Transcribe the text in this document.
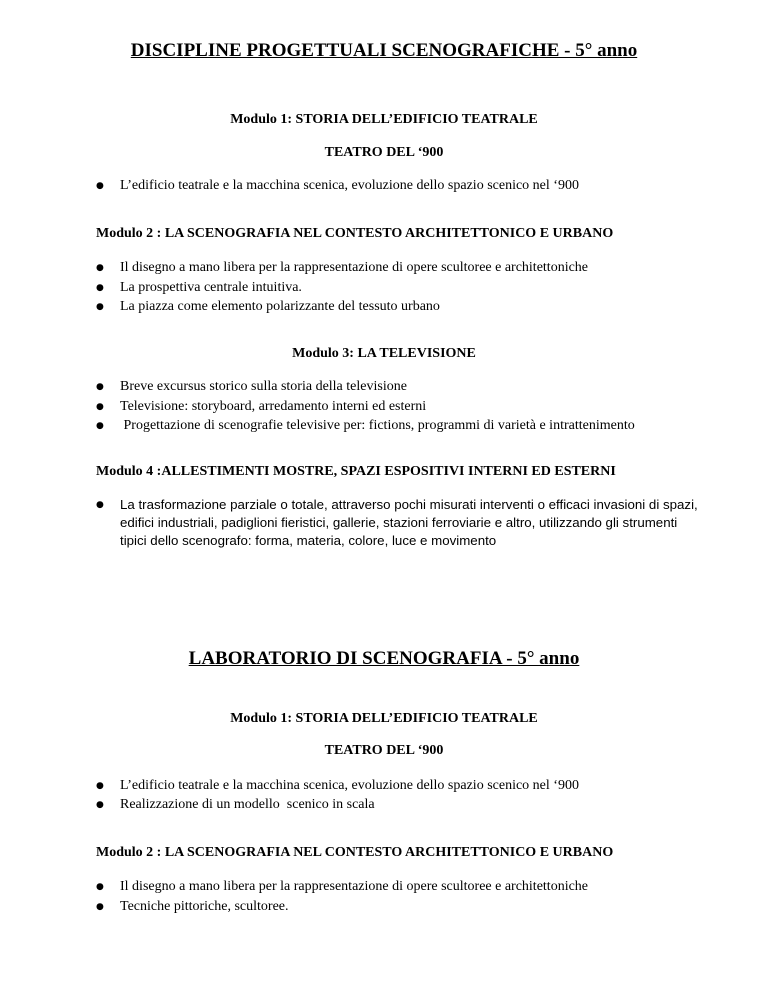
DISCIPLINE PROGETTUALI SCENOGRAFICHE - 5° anno
Modulo 1: STORIA DELL’EDIFICIO TEATRALE
TEATRO DEL ‘900
●	L’edificio teatrale e la macchina scenica, evoluzione dello spazio scenico nel ‘900
Modulo 2 : LA SCENOGRAFIA NEL CONTESTO ARCHITETTONICO E URBANO
●	Il disegno a mano libera per la rappresentazione di opere scultoree e architettoniche
●	La prospettiva centrale intuitiva.
●	La piazza come elemento polarizzante del tessuto urbano
Modulo 3: LA TELEVISIONE
●	Breve excursus storico sulla storia della televisione
●	Televisione: storyboard, arredamento interni ed esterni
●	Progettazione di scenografie televisive per: fictions, programmi di varietà e intrattenimento
Modulo 4 :ALLESTIMENTI MOSTRE, SPAZI ESPOSITIVI INTERNI ED ESTERNI
●	La trasformazione parziale o totale, attraverso pochi misurati interventi o efficaci invasioni di spazi, edifici industriali, padiglioni fieristici, gallerie, stazioni ferroviarie e altro, utilizzando gli strumenti tipici dello scenografo: forma, materia, colore, luce e movimento
LABORATORIO DI SCENOGRAFIA - 5° anno
Modulo 1: STORIA DELL’EDIFICIO TEATRALE
TEATRO DEL ‘900
●	L’edificio teatrale e la macchina scenica, evoluzione dello spazio scenico nel ‘900
●	Realizzazione di un modello  scenico in scala
Modulo 2 : LA SCENOGRAFIA NEL CONTESTO ARCHITETTONICO E URBANO
●	Il disegno a mano libera per la rappresentazione di opere scultoree e architettoniche
●	Tecniche pittoriche, scultoree.
